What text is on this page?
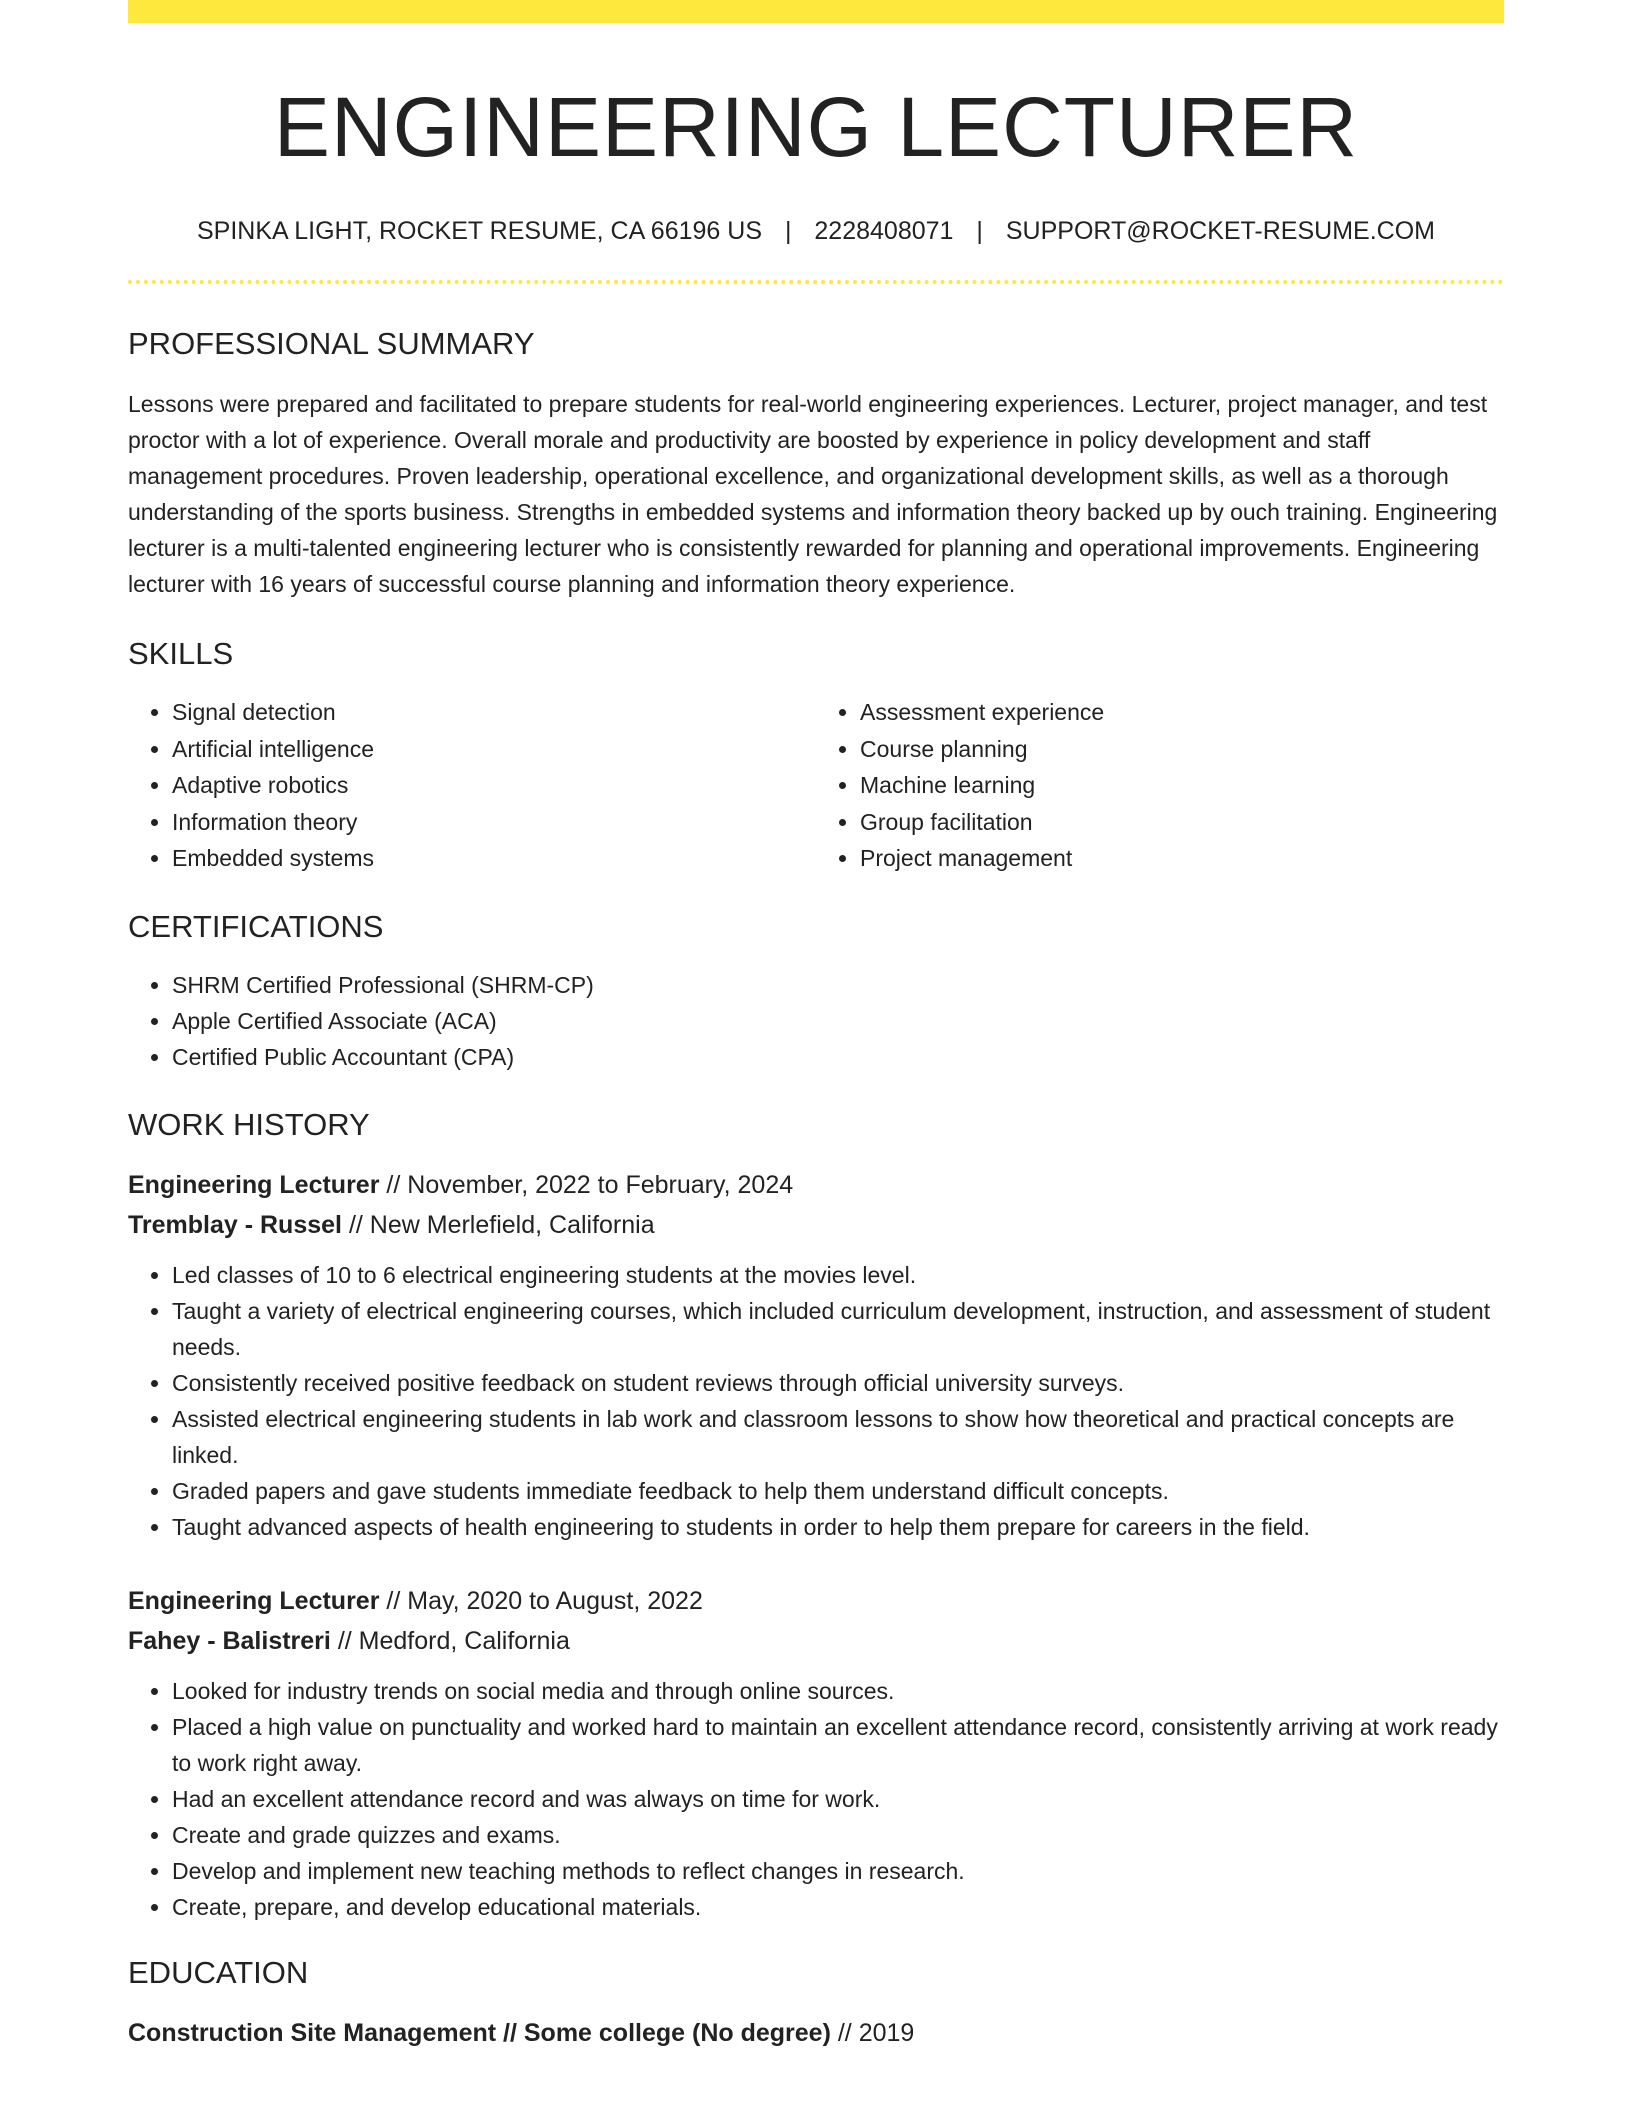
ENGINEERING LECTURER
SPINKA LIGHT, ROCKET RESUME, CA 66196 US | 2228408071 | SUPPORT@ROCKET-RESUME.COM
PROFESSIONAL SUMMARY

Lessons were prepared and facilitated to prepare students for real-world engineering experiences. Lecturer, project manager, and test proctor with a lot of experience. Overall morale and productivity are boosted by experience in policy development and staff management procedures. Proven leadership, operational excellence, and organizational development skills, as well as a thorough understanding of the sports business. Strengths in embedded systems and information theory backed up by ouch training. Engineering lecturer is a multi-talented engineering lecturer who is consistently rewarded for planning and operational improvements. Engineering lecturer with 16 years of successful course planning and information theory experience.

SKILLS
• Signal detection
• Artificial intelligence
• Adaptive robotics
• Information theory
• Embedded systems
• Assessment experience
• Course planning
• Machine learning
• Group facilitation
• Project management
CERTIFICATIONS
• SHRM Certified Professional (SHRM-CP)
• Apple Certified Associate (ACA)
• Certified Public Accountant (CPA)
WORK HISTORY
Engineering Lecturer // November, 2022 to February, 2024
Tremblay - Russel // New Merlefield, California
• Led classes of 10 to 6 electrical engineering students at the movies level.
• Taught a variety of electrical engineering courses, which included curriculum development, instruction, and assessment of student needs.
• Consistently received positive feedback on student reviews through official university surveys.
• Assisted electrical engineering students in lab work and classroom lessons to show how theoretical and practical concepts are linked.
• Graded papers and gave students immediate feedback to help them understand difficult concepts.
• Taught advanced aspects of health engineering to students in order to help them prepare for careers in the field.
Engineering Lecturer // May, 2020 to August, 2022
Fahey - Balistreri // Medford, California
• Looked for industry trends on social media and through online sources.
• Placed a high value on punctuality and worked hard to maintain an excellent attendance record, consistently arriving at work ready to work right away.
• Had an excellent attendance record and was always on time for work.
• Create and grade quizzes and exams.
• Develop and implement new teaching methods to reflect changes in research.
• Create, prepare, and develop educational materials.
EDUCATION
Construction Site Management // Some college (No degree) // 2019
